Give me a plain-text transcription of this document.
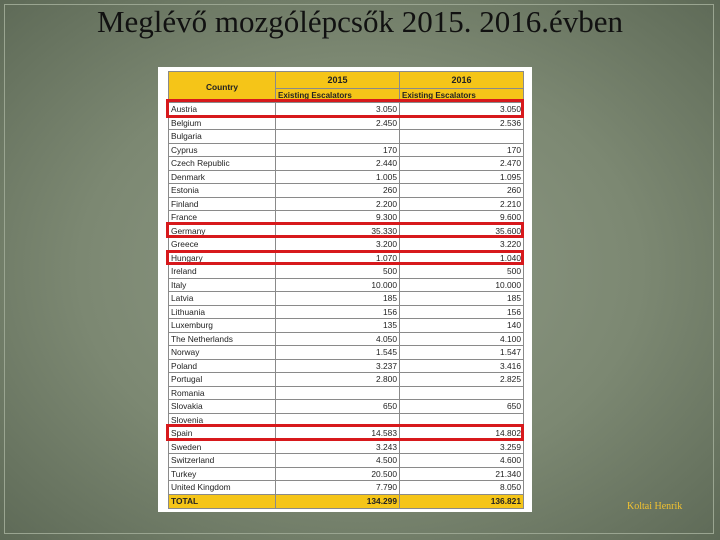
Meglévő mozgólépcsők 2015. 2016.évben
Country	2015	2016
	Existing Escalators	Existing Escalators
Austria	3.050	3.050
Belgium	2.450	2.536
Bulgaria		
Cyprus	170	170
Czech Republic	2.440	2.470
Denmark	1.005	1.095
Estonia	260	260
Finland	2.200	2.210
France	9.300	9.600
Germany	35.330	35.600
Greece	3.200	3.220
Hungary	1.070	1.040
Ireland	500	500
Italy	10.000	10.000
Latvia	185	185
Lithuania	156	156
Luxemburg	135	140
The Netherlands	4.050	4.100
Norway	1.545	1.547
Poland	3.237	3.416
Portugal	2.800	2.825
Romania		
Slovakia	650	650
Slovenia		
Spain	14.583	14.802
Sweden	3.243	3.259
Switzerland	4.500	4.600
Turkey	20.500	21.340
United Kingdom	7.790	8.050
TOTAL	134.299	136.821
Koltai Henrik
